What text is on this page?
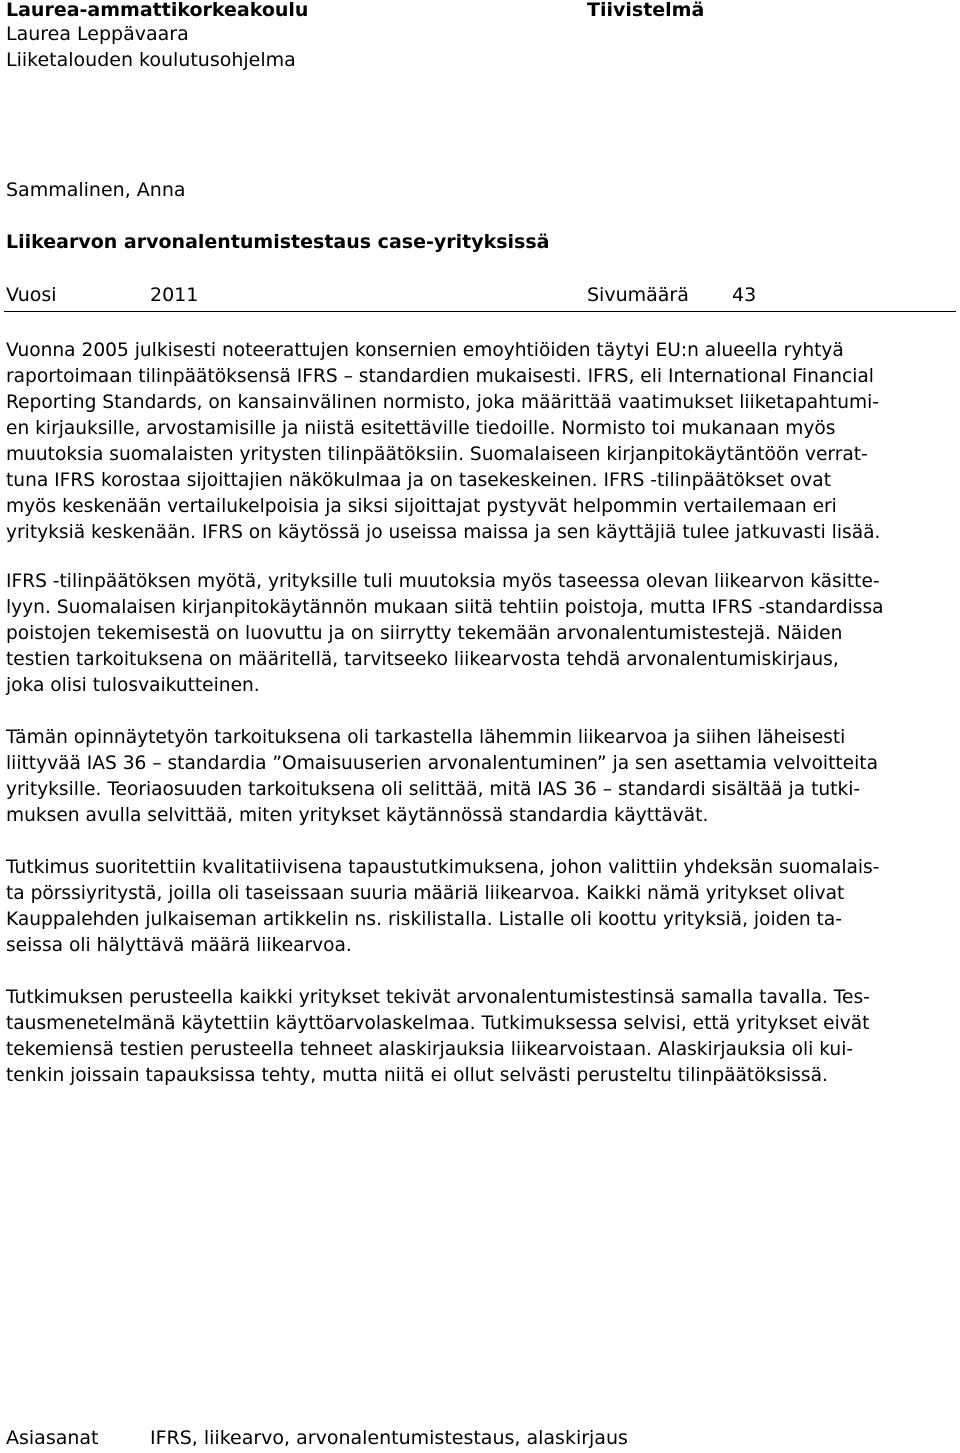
Laurea-ammattikorkeakoulu	Tiivistelmä
Laurea Leppävaara
Liiketalouden koulutusohjelma
Sammalinen, Anna
Liikearvon arvonalentumistestaus case-yrityksissä
Vuosi	2011	Sivumäärä 43
Vuonna 2005 julkisesti noteerattujen konsernien emoyhtiöiden täytyi EU:n alueella ryhtyä
raportoimaan tilinpäätöksensä IFRS – standardien mukaisesti. IFRS, eli International Financial
Reporting Standards, on kansainvälinen normisto, joka määrittää vaatimukset liiketapahtumi-
en kirjauksille, arvostamisille ja niistä esitettäville tiedoille. Normisto toi mukanaan myös
muutoksia suomalaisten yritysten tilinpäätöksiin. Suomalaiseen kirjanpitokäytäntöön verrat-
tuna IFRS korostaa sijoittajien näkökulmaa ja on tasekeskeinen. IFRS -tilinpäätökset ovat
myös keskenään vertailukelpoisia ja siksi sijoittajat pystyvät helpommin vertailemaan eri
yrityksiä keskenään. IFRS on käytössä jo useissa maissa ja sen käyttäjiä tulee jatkuvasti lisää.
IFRS -tilinpäätöksen myötä, yrityksille tuli muutoksia myös taseessa olevan liikearvon käsitte-
lyyn. Suomalaisen kirjanpitokäytännön mukaan siitä tehtiin poistoja, mutta IFRS -standardissa
poistojen tekemisestä on luovuttu ja on siirrytty tekemään arvonalentumistestejä. Näiden
testien tarkoituksena on määritellä, tarvitseeko liikearvosta tehdä arvonalentumiskirjaus,
joka olisi tulosvaikutteinen.
Tämän opinnäytetyön tarkoituksena oli tarkastella lähemmin liikearvoa ja siihen läheisesti
liittyvää IAS 36 – standardia ”Omaisuuserien arvonalentuminen” ja sen asettamia velvoitteita
yrityksille. Teoriaosuuden tarkoituksena oli selittää, mitä IAS 36 – standardi sisältää ja tutki-
muksen avulla selvittää, miten yritykset käytännössä standardia käyttävät.
Tutkimus suoritettiin kvalitatiivisena tapaustutkimuksena, johon valittiin yhdeksän suomalais-
ta pörssiyritystä, joilla oli taseissaan suuria määriä liikearvoa. Kaikki nämä yritykset olivat
Kauppalehden julkaiseman artikkelin ns. riskilistalla. Listalle oli koottu yrityksiä, joiden ta-
seissa oli hälyttävä määrä liikearvoa.
Tutkimuksen perusteella kaikki yritykset tekivät arvonalentumistestinsä samalla tavalla. Tes-
tausmenetelmänä käytettiin käyttöarvolaskelmaa. Tutkimuksessa selvisi, että yritykset eivät
tekemiensä testien perusteella tehneet alaskirjauksia liikearvoistaan. Alaskirjauksia oli kui-
tenkin joissain tapauksissa tehty, mutta niitä ei ollut selvästi perusteltu tilinpäätöksissä.
Asiasanat	IFRS, liikearvo, arvonalentumistestaus, alaskirjaus
